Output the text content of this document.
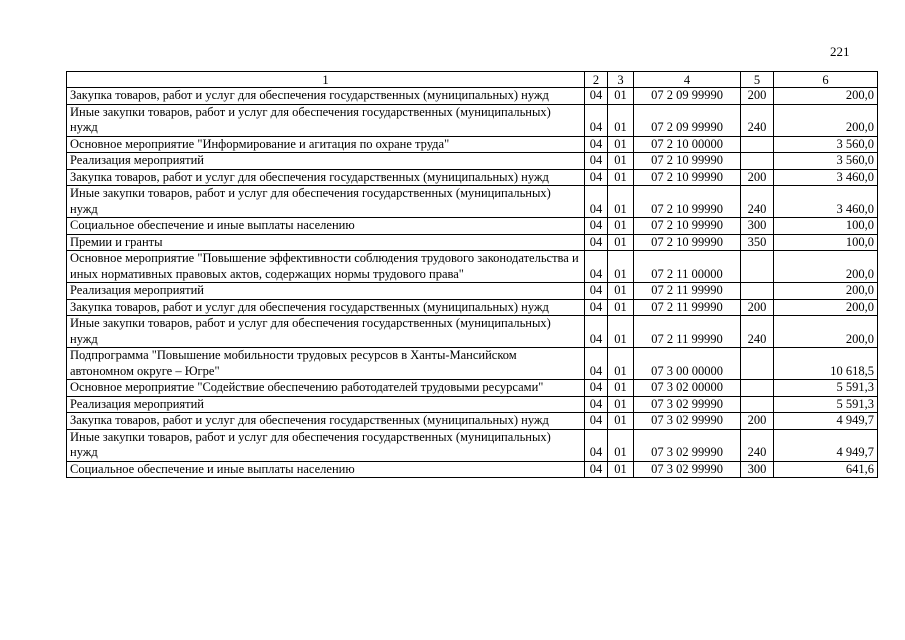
221
1	2	3	4	5	6
Закупка товаров, работ и услуг для обеспечения государственных (муниципальных) нужд	04	01	07 2 09 99990	200	200,0
Иные закупки товаров, работ и услуг для обеспечения государственных (муниципальных) нужд	04	01	07 2 09 99990	240	200,0
Основное мероприятие "Информирование и агитация по охране труда"	04	01	07 2 10 00000		3 560,0
Реализация мероприятий	04	01	07 2 10 99990		3 560,0
Закупка товаров, работ и услуг для обеспечения государственных (муниципальных) нужд	04	01	07 2 10 99990	200	3 460,0
Иные закупки товаров, работ и услуг для обеспечения государственных (муниципальных) нужд	04	01	07 2 10 99990	240	3 460,0
Социальное обеспечение и иные выплаты населению	04	01	07 2 10 99990	300	100,0
Премии и гранты	04	01	07 2 10 99990	350	100,0
Основное мероприятие "Повышение эффективности соблюдения трудового законодательства и иных нормативных правовых актов, содержащих нормы трудового права"	04	01	07 2 11 00000		200,0
Реализация мероприятий	04	01	07 2 11 99990		200,0
Закупка товаров, работ и услуг для обеспечения государственных (муниципальных) нужд	04	01	07 2 11 99990	200	200,0
Иные закупки товаров, работ и услуг для обеспечения государственных (муниципальных) нужд	04	01	07 2 11 99990	240	200,0
Подпрограмма "Повышение мобильности трудовых ресурсов в Ханты-Мансийском автономном округе – Югре"	04	01	07 3 00 00000		10 618,5
Основное мероприятие "Содействие обеспечению работодателей трудовыми ресурсами"	04	01	07 3 02 00000		5 591,3
Реализация мероприятий	04	01	07 3 02 99990		5 591,3
Закупка товаров, работ и услуг для обеспечения государственных (муниципальных) нужд	04	01	07 3 02 99990	200	4 949,7
Иные закупки товаров, работ и услуг для обеспечения государственных (муниципальных) нужд	04	01	07 3 02 99990	240	4 949,7
Социальное обеспечение и иные выплаты населению	04	01	07 3 02 99990	300	641,6
